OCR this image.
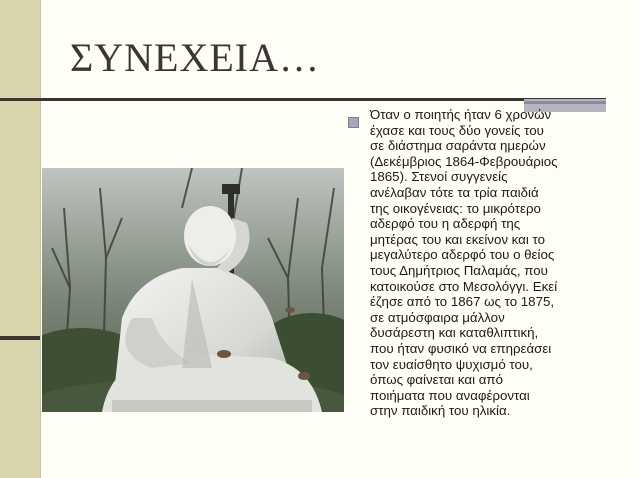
ΣΥΝΕΧΕΙΑ…
Όταν ο ποιητής ήταν 6 χρονών
έχασε και τους δύο γονείς του
σε διάστημα σαράντα ημερών
(Δεκέμβριος 1864-Φεβρουάριος
1865). Στενοί συγγενείς
ανέλαβαν τότε τα τρία παιδιά
της οικογένειας: το μικρότερο
αδερφό του η αδερφή της
μητέρας του και εκείνον και το
μεγαλύτερο αδερφό του ο θείος
τους Δημήτριος Παλαμάς, που
κατοικούσε στο Μεσολόγγι. Εκεί
έζησε από το 1867 ως το 1875,
σε ατμόσφαιρα μάλλον
δυσάρεστη και καταθλιπτική,
που ήταν φυσικό να επηρεάσει
τον ευαίσθητο ψυχισμό του,
όπως φαίνεται και από
ποιήματα που αναφέρονται
στην παιδική του ηλικία.
